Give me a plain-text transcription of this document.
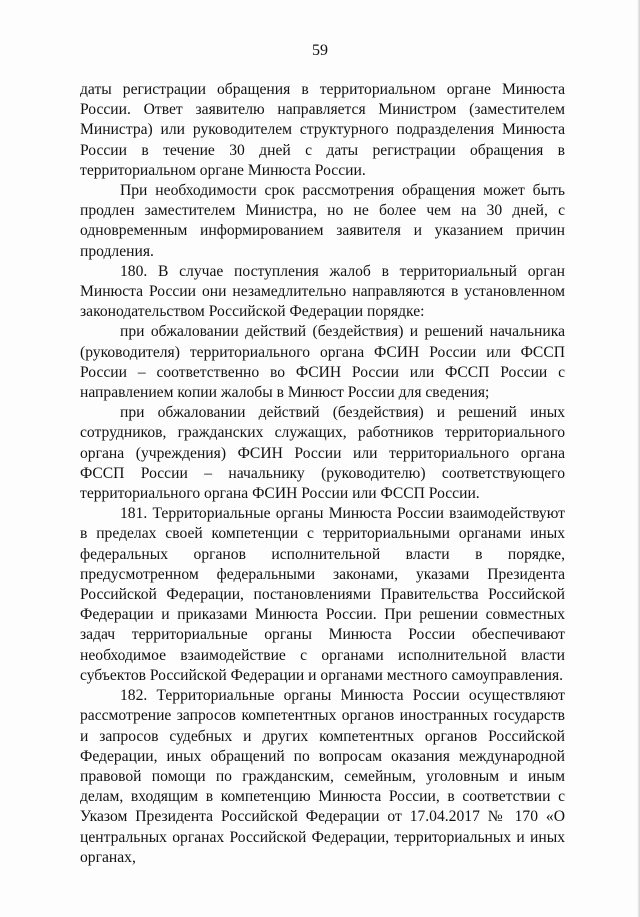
59

даты регистрации обращения в территориальном органе Минюста России. Ответ заявителю направляется Министром (заместителем Министра) или руководителем структурного подразделения Минюста России в течение 30 дней с даты регистрации обращения в территориальном органе Минюста России.

При необходимости срок рассмотрения обращения может быть продлен заместителем Министра, но не более чем на 30 дней, с одновременным информированием заявителя и указанием причин продления.

180. В случае поступления жалоб в территориальный орган Минюста России они незамедлительно направляются в установленном законодательством Российской Федерации порядке:

при обжаловании действий (бездействия) и решений начальника (руководителя) территориального органа ФСИН России или ФССП России – соответственно во ФСИН России или ФССП России с направлением копии жалобы в Минюст России для сведения;

при обжаловании действий (бездействия) и решений иных сотрудников, гражданских служащих, работников территориального органа (учреждения) ФСИН России или территориального органа ФССП России – начальнику (руководителю) соответствующего территориального органа ФСИН России или ФССП России.

181. Территориальные органы Минюста России взаимодействуют в пределах своей компетенции с территориальными органами иных федеральных органов исполнительной власти в порядке, предусмотренном федеральными законами, указами Президента Российской Федерации, постановлениями Правительства Российской Федерации и приказами Минюста России. При решении совместных задач территориальные органы Минюста России обеспечивают необходимое взаимодействие с органами исполнительной власти субъектов Российской Федерации и органами местного самоуправления.

182. Территориальные органы Минюста России осуществляют рассмотрение запросов компетентных органов иностранных государств и запросов судебных и других компетентных органов Российской Федерации, иных обращений по вопросам оказания международной правовой помощи по гражданским, семейным, уголовным и иным делам, входящим в компетенцию Минюста России, в соответствии с Указом Президента Российской Федерации от 17.04.2017 № 170 «О центральных органах Российской Федерации, территориальных и иных органах,
